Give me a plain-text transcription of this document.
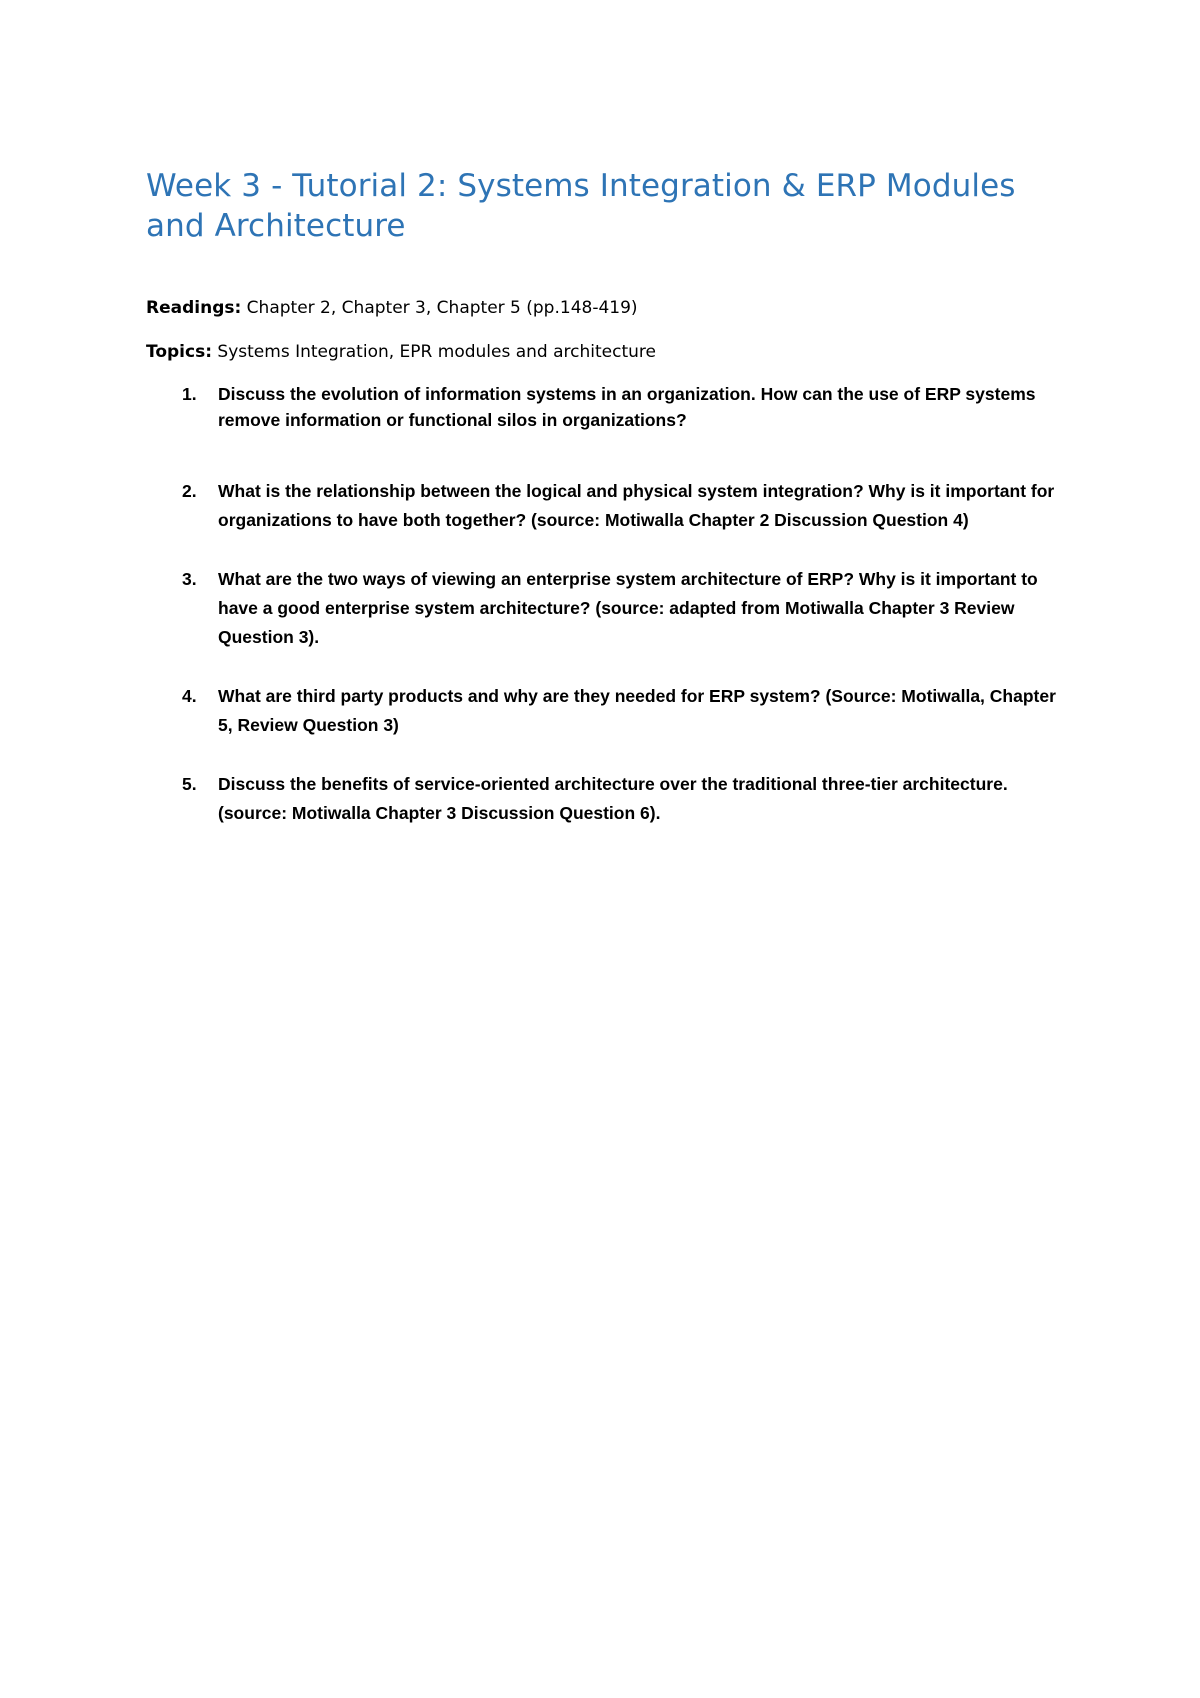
Week 3 - Tutorial 2: Systems Integration & ERP Modules and Architecture

Readings: Chapter 2, Chapter 3, Chapter 5 (pp.148-419)

Topics: Systems Integration, EPR modules and architecture

1. Discuss the evolution of information systems in an organization. How can the use of ERP systems remove information or functional silos in organizations?
2. What is the relationship between the logical and physical system integration? Why is it important for organizations to have both together? (source: Motiwalla Chapter 2 Discussion Question 4)
3. What are the two ways of viewing an enterprise system architecture of ERP? Why is it important to have a good enterprise system architecture? (source: adapted from Motiwalla Chapter 3 Review Question 3).
4. What are third party products and why are they needed for ERP system? (Source: Motiwalla, Chapter 5, Review Question 3)
5. Discuss the benefits of service-oriented architecture over the traditional three-tier architecture. (source: Motiwalla Chapter 3 Discussion Question 6).
